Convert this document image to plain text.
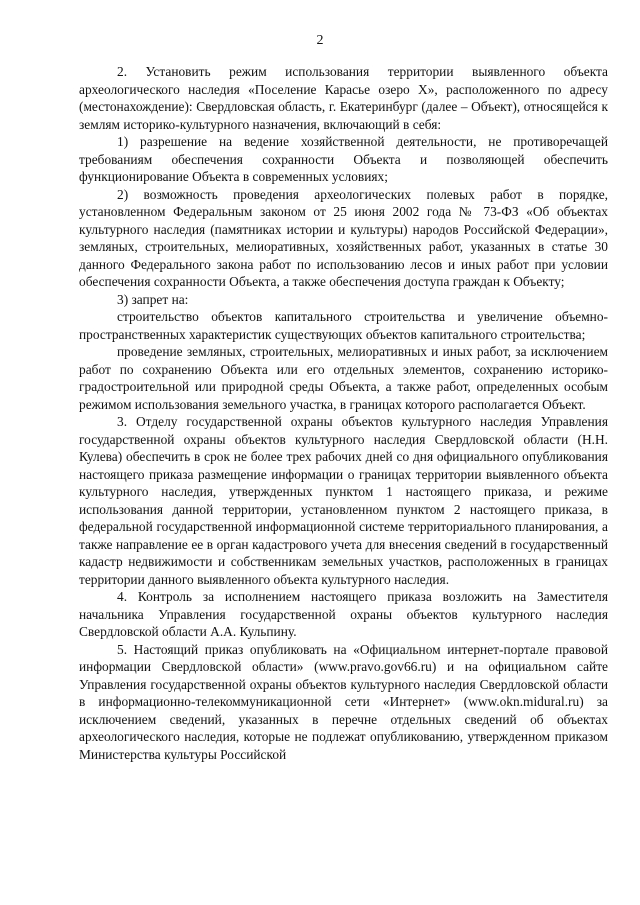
2

2. Установить режим использования территории выявленного объекта археологического наследия «Поселение Карасье озеро Х», расположенного по адресу (местонахождение): Свердловская область, г. Екатеринбург (далее – Объект), относящейся к землям историко-культурного назначения, включающий в себя:

1) разрешение на ведение хозяйственной деятельности, не противоречащей требованиям обеспечения сохранности Объекта и позволяющей обеспечить функционирование Объекта в современных условиях;

2) возможность проведения археологических полевых работ в порядке, установленном Федеральным законом от 25 июня 2002 года № 73-ФЗ «Об объектах культурного наследия (памятниках истории и культуры) народов Российской Федерации», земляных, строительных, мелиоративных, хозяйственных работ, указанных в статье 30 данного Федерального закона работ по использованию лесов и иных работ при условии обеспечения сохранности Объекта, а также обеспечения доступа граждан к Объекту;

3) запрет на:

строительство объектов капитального строительства и увеличение объемно-пространственных характеристик существующих объектов капитального строительства;

проведение земляных, строительных, мелиоративных и иных работ, за исключением работ по сохранению Объекта или его отдельных элементов, сохранению историко-градостроительной или природной среды Объекта, а также работ, определенных особым режимом использования земельного участка, в границах которого располагается Объект.

3. Отделу государственной охраны объектов культурного наследия Управления государственной охраны объектов культурного наследия Свердловской области (Н.Н. Кулева) обеспечить в срок не более трех рабочих дней со дня официального опубликования настоящего приказа размещение информации о границах территории выявленного объекта культурного наследия, утвержденных пунктом 1 настоящего приказа, и режиме использования данной территории, установленном пунктом 2 настоящего приказа, в федеральной государственной информационной системе территориального планирования, а также направление ее в орган кадастрового учета для внесения сведений в государственный кадастр недвижимости и собственникам земельных участков, расположенных в границах территории данного выявленного объекта культурного наследия.

4. Контроль за исполнением настоящего приказа возложить на Заместителя начальника Управления государственной охраны объектов культурного наследия Свердловской области А.А. Кульпину.

5. Настоящий приказ опубликовать на «Официальном интернет-портале правовой информации Свердловской области» (www.pravo.gov66.ru) и на официальном сайте Управления государственной охраны объектов культурного наследия Свердловской области в информационно-телекоммуникационной сети «Интернет» (www.okn.midural.ru) за исключением сведений, указанных в перечне отдельных сведений об объектах археологического наследия, которые не подлежат опубликованию, утвержденном приказом Министерства культуры Российской
